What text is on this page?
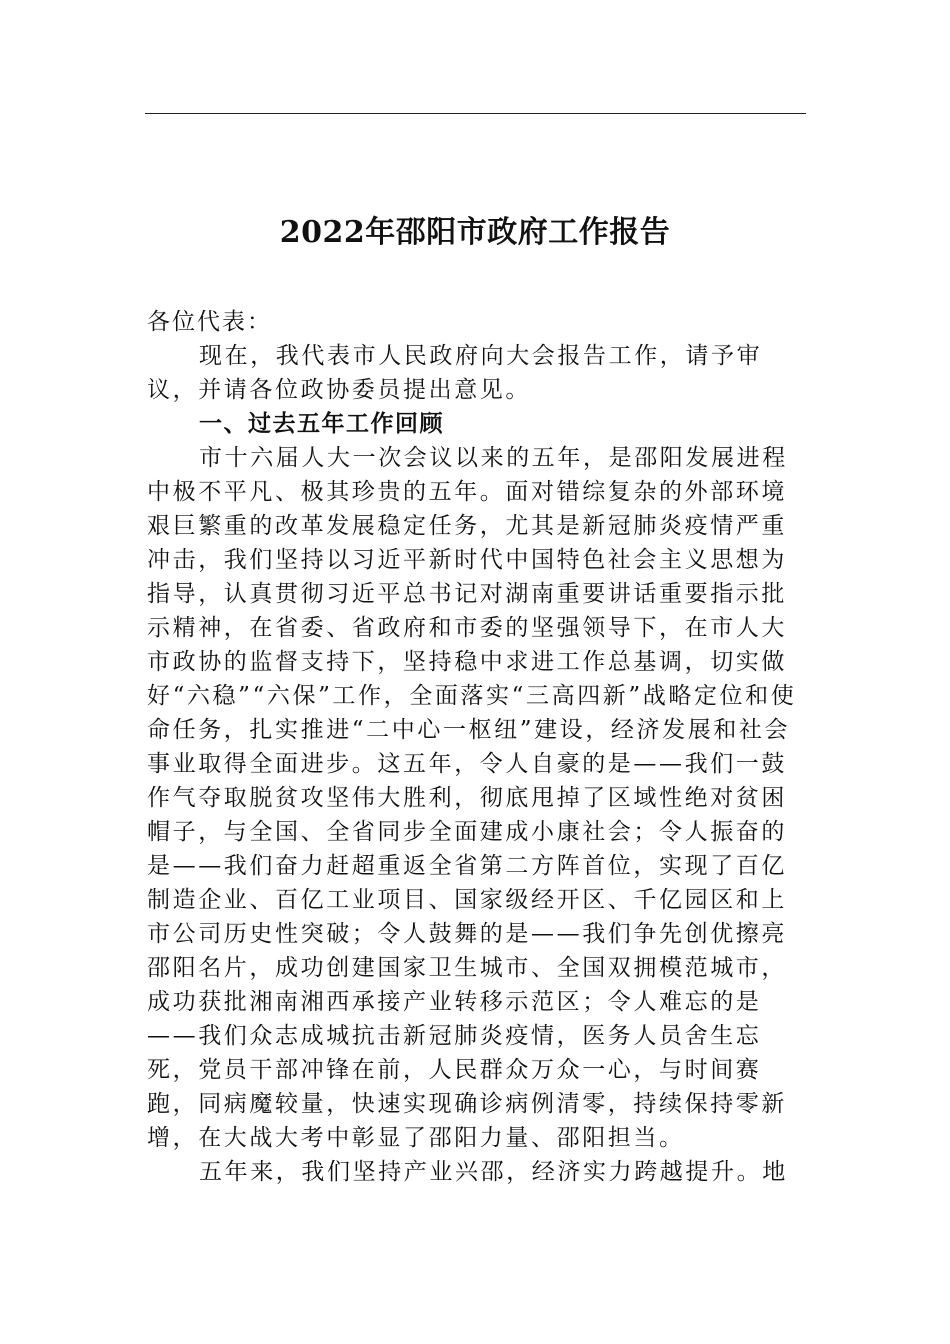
2022年邵阳市政府工作报告

各位代表：

现在，我代表市人民政府向大会报告工作，请予审议，并请各位政协委员提出意见。

一、过去五年工作回顾

市十六届人大一次会议以来的五年，是邵阳发展进程中极不平凡、极其珍贵的五年。面对错综复杂的外部环境艰巨繁重的改革发展稳定任务，尤其是新冠肺炎疫情严重冲击，我们坚持以习近平新时代中国特色社会主义思想为指导，认真贯彻习近平总书记对湖南重要讲话重要指示批示精神，在省委、省政府和市委的坚强领导下，在市人大市政协的监督支持下，坚持稳中求进工作总基调，切实做好“六稳”“六保”工作，全面落实“三高四新”战略定位和使命任务，扎实推进“二中心一枢纽”建设，经济发展和社会事业取得全面进步。这五年，令人自豪的是——我们一鼓作气夺取脱贫攻坚伟大胜利，彻底甩掉了区域性绝对贫困帽子，与全国、全省同步全面建成小康社会；令人振奋的是——我们奋力赶超重返全省第二方阵首位，实现了百亿制造企业、百亿工业项目、国家级经开区、千亿园区和上市公司历史性突破；令人鼓舞的是——我们争先创优擦亮邵阳名片，成功创建国家卫生城市、全国双拥模范城市，成功获批湘南湘西承接产业转移示范区；令人难忘的是——我们众志成城抗击新冠肺炎疫情，医务人员舍生忘死，党员干部冲锋在前，人民群众万众一心，与时间赛跑，同病魔较量，快速实现确诊病例清零，持续保持零新增，在大战大考中彰显了邵阳力量、邵阳担当。

五年来，我们坚持产业兴邵，经济实力跨越提升。地
